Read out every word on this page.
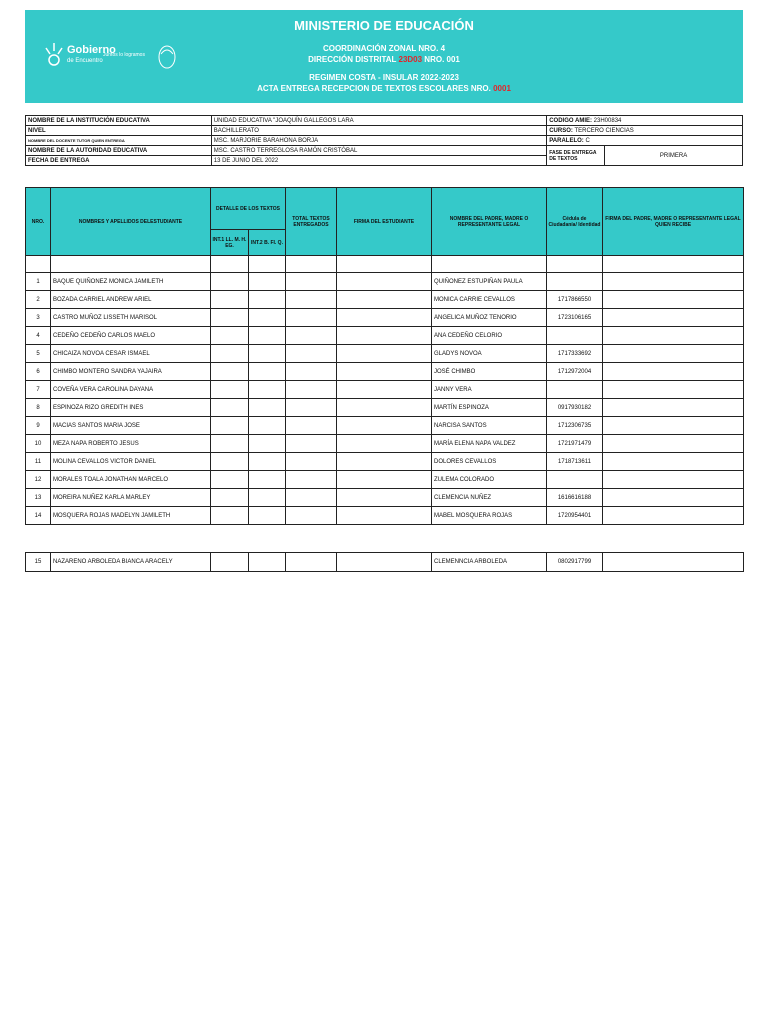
Gobierno
de Encuentro
Juntos lo logramos
MINISTERIO DE EDUCACIÓN
COORDINACIÓN ZONAL NRO. 4
DIRECCIÓN DISTRITAL 23D03 NRO. 001
REGIMEN COSTA - INSULAR 2022-2023
ACTA ENTREGA RECEPCION DE TEXTOS ESCOLARES NRO. 0001
NOMBRE DE LA INSTITUCIÓN EDUCATIVA	UNIDAD EDUCATIVA "JOAQUÍN GALLEGOS LARA	CODIGO AMIE: 23H00834	
NIVEL	BACHILLERATO	CURSO: TERCERO CIENCIAS	
NOMBRE DEL DOCENTE TUTOR QUIEN ENTREGA	MSC. MARJORIE BARAHONA BORJA	PARALELO: C	
NOMBRE DE LA AUTORIDAD EDUCATIVA	MSC. CASTRO TERREGLOSA RAMÓN CRISTÓBAL	FASE DE ENTREGA DE TEXTOS	PRIMERA
FECHA DE ENTREGA	13 DE JUNIO DEL 2022		
NRO.	NOMBRES Y APELLIDOS DELESTUDIANTE	DETALLE DE LOS TEXTOS		TOTAL TEXTOS ENTREGADOS	FIRMA DEL ESTUDIANTE	NOMBRE DEL PADRE, MADRE O REPRESENTANTE LEGAL	Cédula de Ciudadanía/ Identidad	FIRMA DEL PADRE, MADRE O REPRESENTANTE LEGAL QUIEN RECIBE
		INT.1 LL. M. H. EG.	INT.2 B. FI. Q.					

1	BAQUE QUIÑONEZ MONICA JAMILETH					QUIÑONEZ ESTUPIÑAN PAULA		
2	BOZADA CARRIEL ANDREW ARIEL					MONICA CARRIE CEVALLOS	1717866550	
3	CASTRO MUÑOZ LISSETH MARISOL					ANGELICA MUÑOZ TENORIO	1723106165	
4	CEDEÑO CEDEÑO CARLOS MAELO					ANA CEDEÑO CELORIO		
5	CHICAIZA NOVOA CESAR ISMAEL					GLADYS NOVOA	1717333692	
6	CHIMBO MONTERO SANDRA YAJAIRA					JOSÉ CHIMBO	1712972004	
7	COVEÑA VERA CAROLINA DAYANA					JANNY VERA		
8	ESPINOZA RIZO GREDITH INES					MARTÍN ESPINOZA	0917930182	
9	MACIAS SANTOS MARIA JOSE					NARCISA SANTOS	1712306735	
10	MEZA NAPA ROBERTO JESUS					MARÍA ELENA NAPA VALDEZ	1721971479	
11	MOLINA CEVALLOS VICTOR DANIEL					DOLORES CEVALLOS	1718713611	
12	MORALES TOALA JONATHAN MARCELO					ZULEMA COLORADO		
13	MOREIRA NUÑEZ KARLA MARLEY					CLEMENCIA NUÑEZ	1616616188	
14	MOSQUERA ROJAS MADELYN JAMILETH					MABEL MOSQUERA ROJAS	1720954401	
15	NAZARENO ARBOLEDA BIANCA ARACELY					CLEMENNCIA ARBOLEDA	0802917799	
